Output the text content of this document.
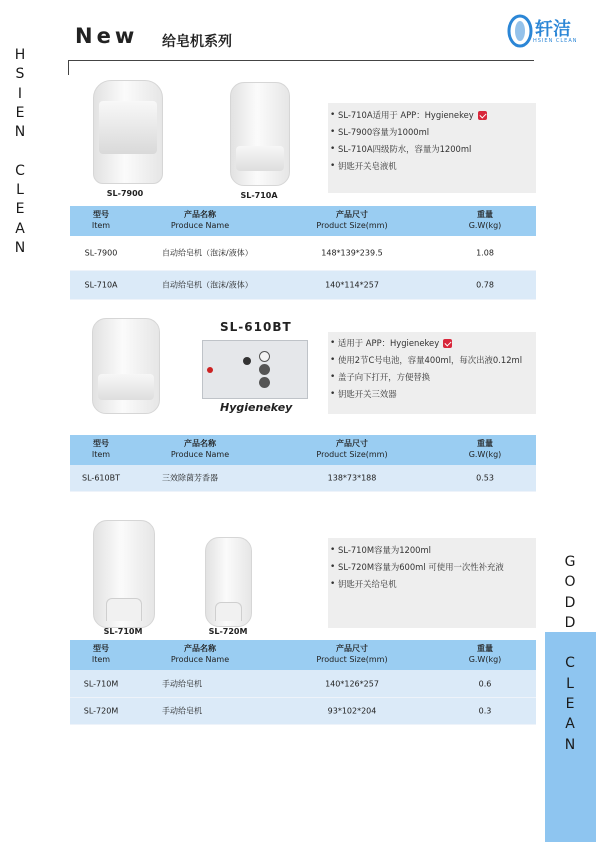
H
S
I
E
N
C
L
E
A
N
G
O
D
D
C
L
E
A
N
New 给皂机系列
轩洁
HSIEN CLEAN
SL-7900	SL-710A
• SL-710A适用于 APP：Hygienekey
• SL-7900容量为1000ml
• SL-710A四级防水，容量为1200ml
• 钥匙开关皂液机
型号
Item
产品名称
Produce Name
产品尺寸
Product Size(mm)
重量
G.W(kg)
SL-7900	自动给皂机（泡沫/液体）	148*139*239.5	1.08
SL-710A	自动给皂机（泡沫/液体）	140*114*257	0.78
SL-610BT
Hygienekey
• 适用于 APP：Hygienekey
• 使用2节C号电池，容量400ml，每次出液0.12ml
• 盖子向下打开，方便替换
• 钥匙开关三效器
型号
Item
产品名称
Produce Name
产品尺寸
Product Size(mm)
重量
G.W(kg)
SL-610BT	三效除菌芳香器	138*73*188	0.53
SL-710M	SL-720M
• SL-710M容量为1200ml
• SL-720M容量为600ml 可使用一次性补充液
• 钥匙开关给皂机
型号
Item
产品名称
Produce Name
产品尺寸
Product Size(mm)
重量
G.W(kg)
SL-710M	手动给皂机	140*126*257	0.6
SL-720M	手动给皂机	93*102*204	0.3
